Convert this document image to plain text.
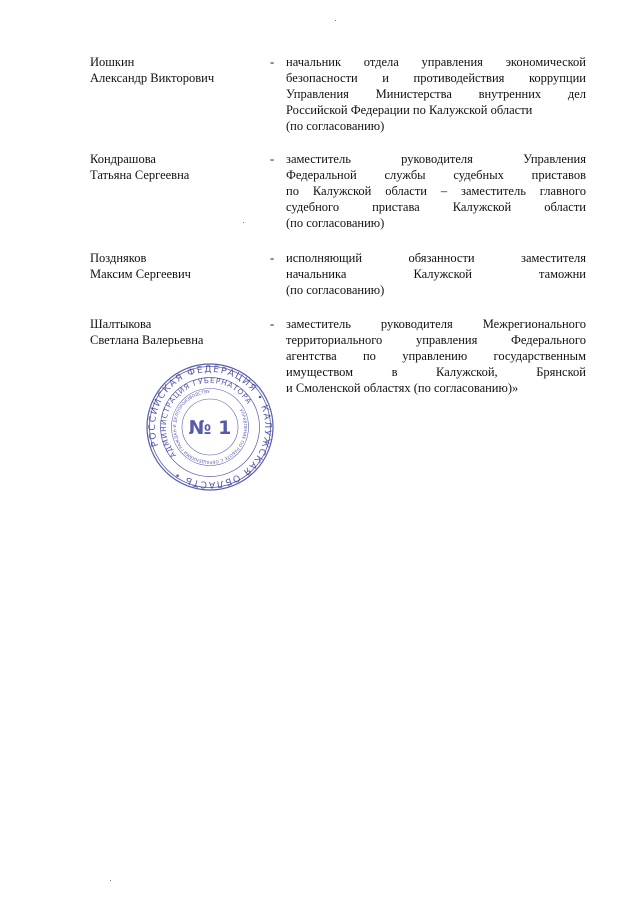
Иошкин
Александр Викторович
- начальник отдела управления экономической
безопасности и противодействия коррупции
Управления Министерства внутренних дел
Российской Федерации по Калужской области
(по согласованию)
Кондрашова
Татьяна Сергеевна
- заместитель руководителя Управления
Федеральной службы судебных приставов
по Калужской области – заместитель главного
судебного пристава Калужской области
(по согласованию)
Поздняков
Максим Сергеевич
- исполняющий обязанности заместителя
начальника Калужской таможни
(по согласованию)
Шалтыкова
Светлана Валерьевна
- заместитель руководителя Межрегионального
территориального управления Федерального
агентства по управлению государственным
имуществом в Калужской, Брянской
и Смоленской областях (по согласованию)»
РОССИЙСКАЯ ФЕДЕРАЦИЯ • КАЛУЖСКАЯ ОБЛАСТЬ •
АДМИНИСТРАЦИЯ ГУБЕРНАТОРА
УПРАВЛЕНИЕ ПО РАБОТЕ С ОБРАЩЕНИЯМИ ГРАЖДАН И ДЕЛОПРОИЗВОДСТВУ
№ 1
